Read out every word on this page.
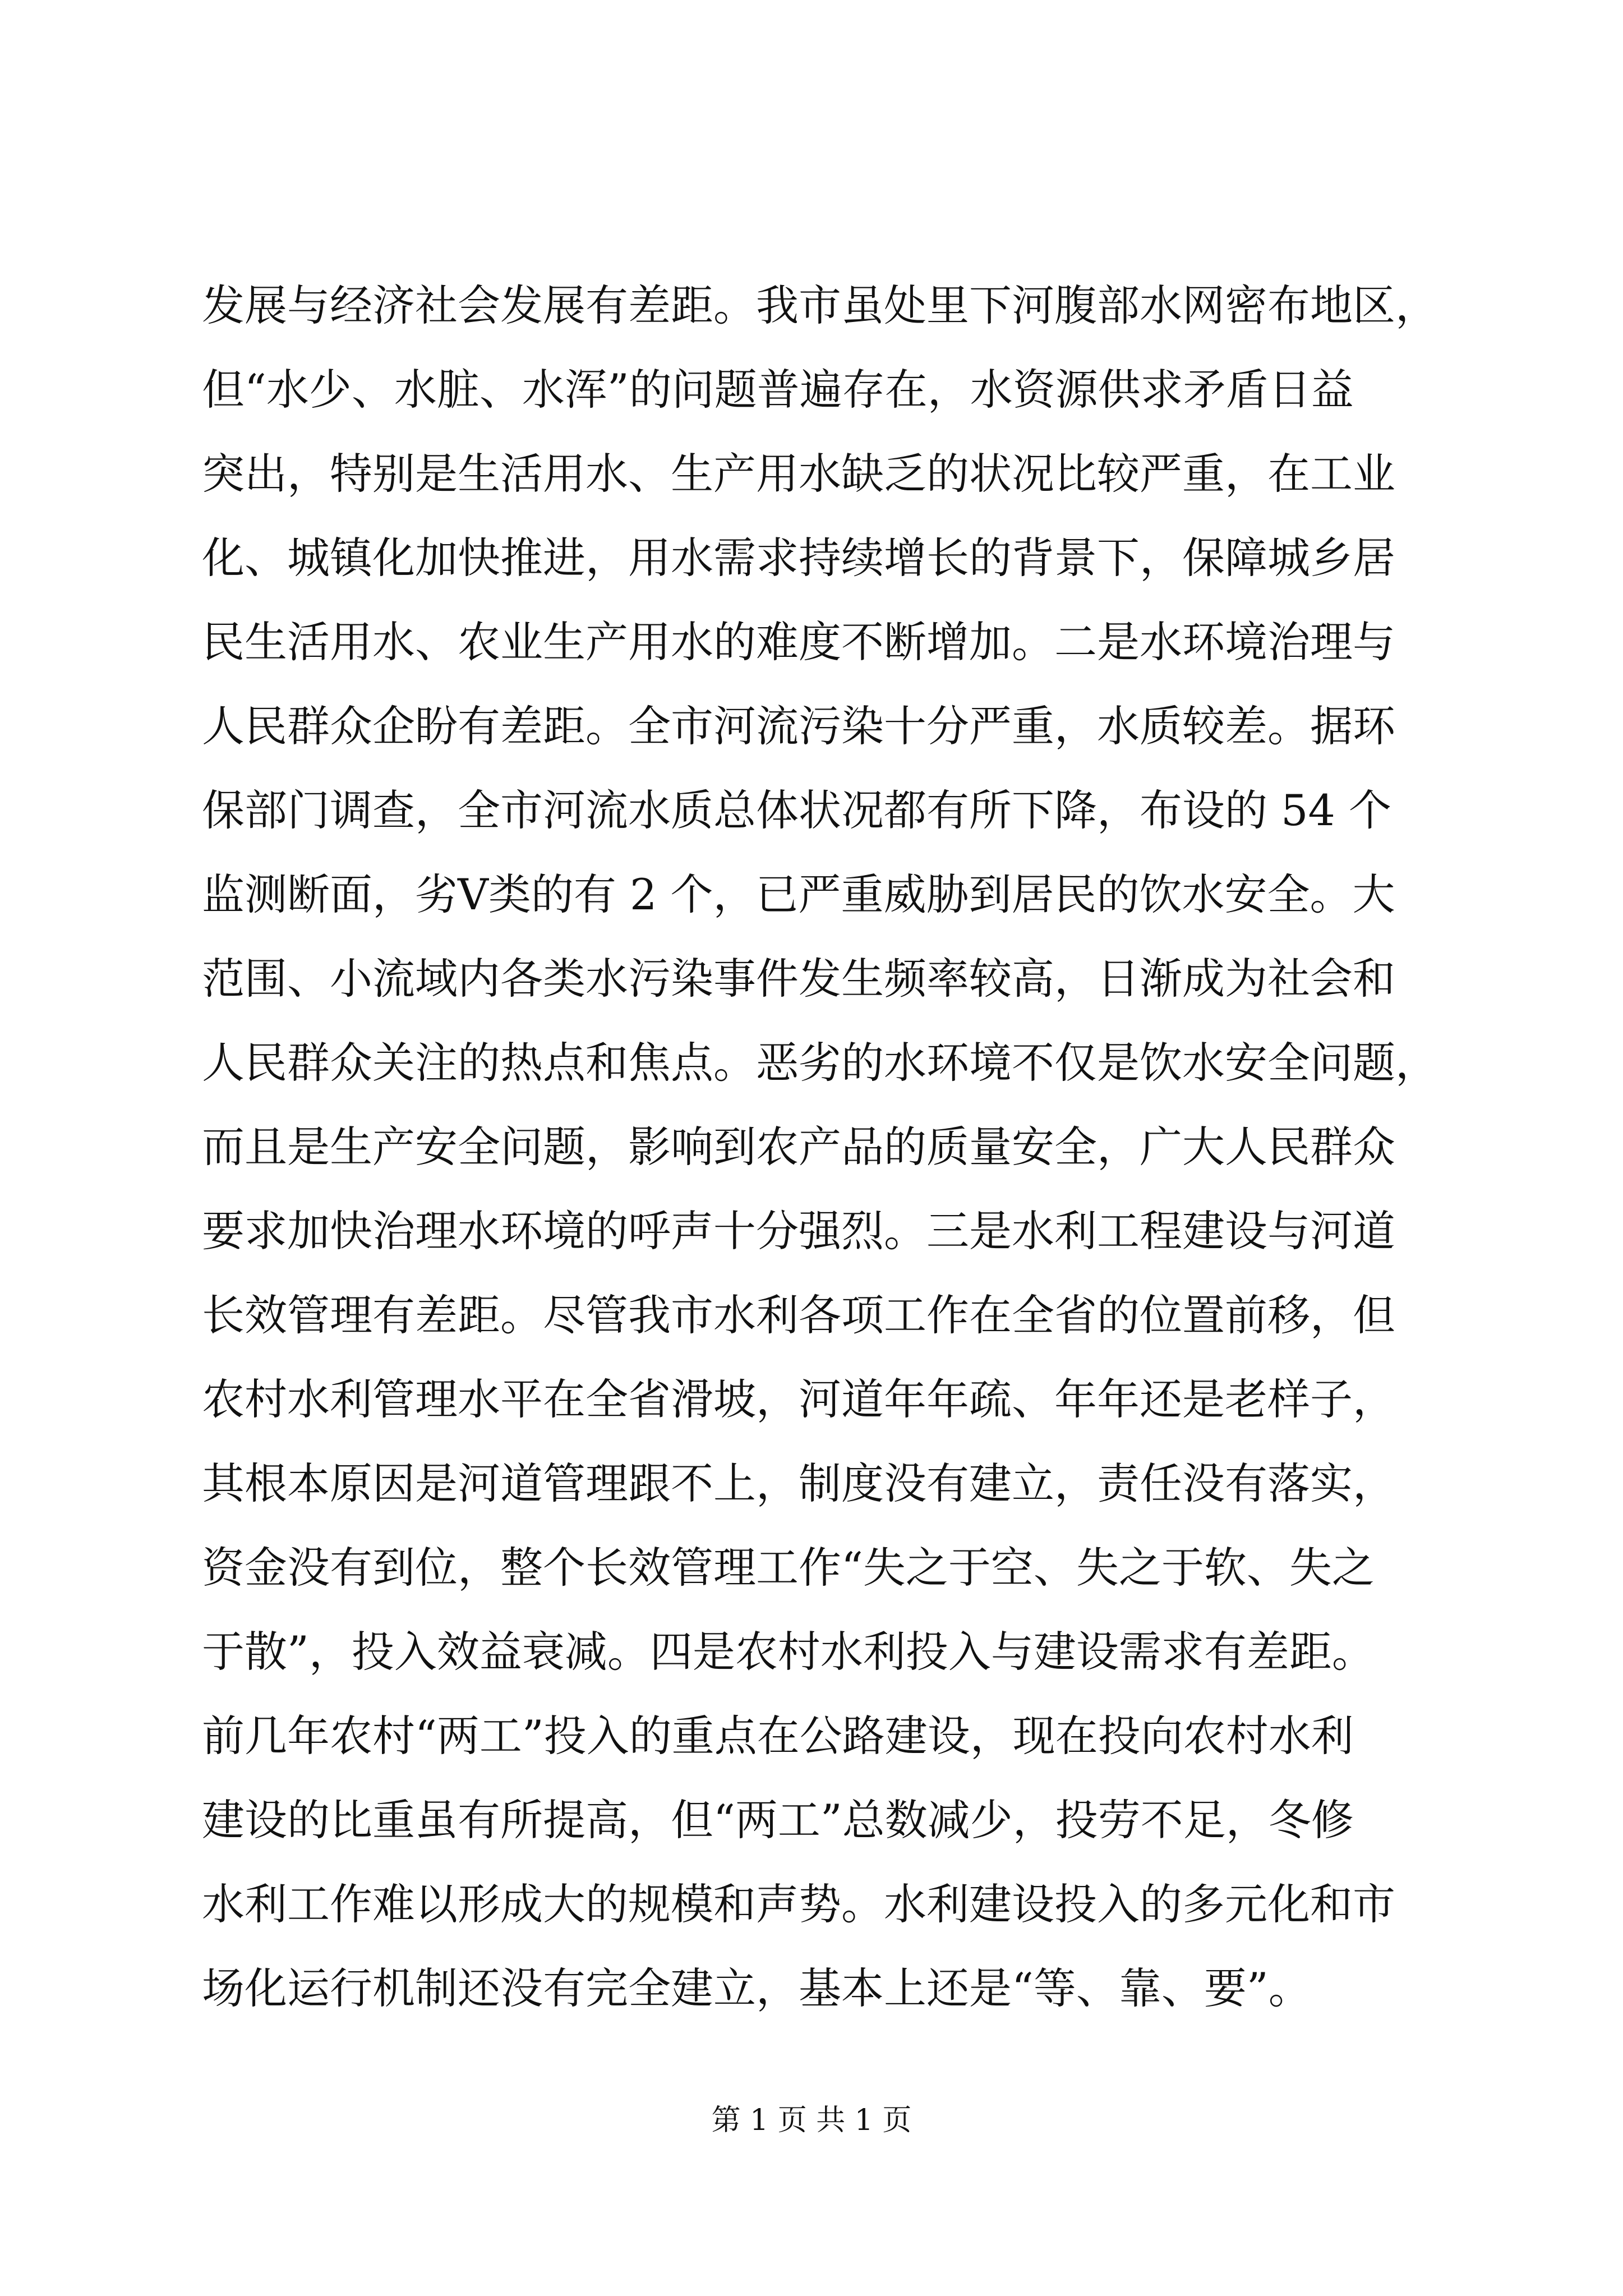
发展与经济社会发展有差距。我市虽处里下河腹部水网密布地区，
但“水少、水脏、水浑”的问题普遍存在，水资源供求矛盾日益
突出，特别是生活用水、生产用水缺乏的状况比较严重，在工业
化、城镇化加快推进，用水需求持续增长的背景下，保障城乡居
民生活用水、农业生产用水的难度不断增加。二是水环境治理与
人民群众企盼有差距。全市河流污染十分严重，水质较差。据环
保部门调查，全市河流水质总体状况都有所下降，布设的 54 个
监测断面，劣Ⅴ类的有 2 个，已严重威胁到居民的饮水安全。大
范围、小流域内各类水污染事件发生频率较高，日渐成为社会和
人民群众关注的热点和焦点。恶劣的水环境不仅是饮水安全问题，
而且是生产安全问题，影响到农产品的质量安全，广大人民群众
要求加快治理水环境的呼声十分强烈。三是水利工程建设与河道
长效管理有差距。尽管我市水利各项工作在全省的位置前移，但
农村水利管理水平在全省滑坡，河道年年疏、年年还是老样子，
其根本原因是河道管理跟不上，制度没有建立，责任没有落实，
资金没有到位，整个长效管理工作“失之于空、失之于软、失之
于散”，投入效益衰减。四是农村水利投入与建设需求有差距。
前几年农村“两工”投入的重点在公路建设，现在投向农村水利
建设的比重虽有所提高，但“两工”总数减少，投劳不足，冬修
水利工作难以形成大的规模和声势。水利建设投入的多元化和市
场化运行机制还没有完全建立，基本上还是“等、靠、要”。
第 1 页 共 1 页
